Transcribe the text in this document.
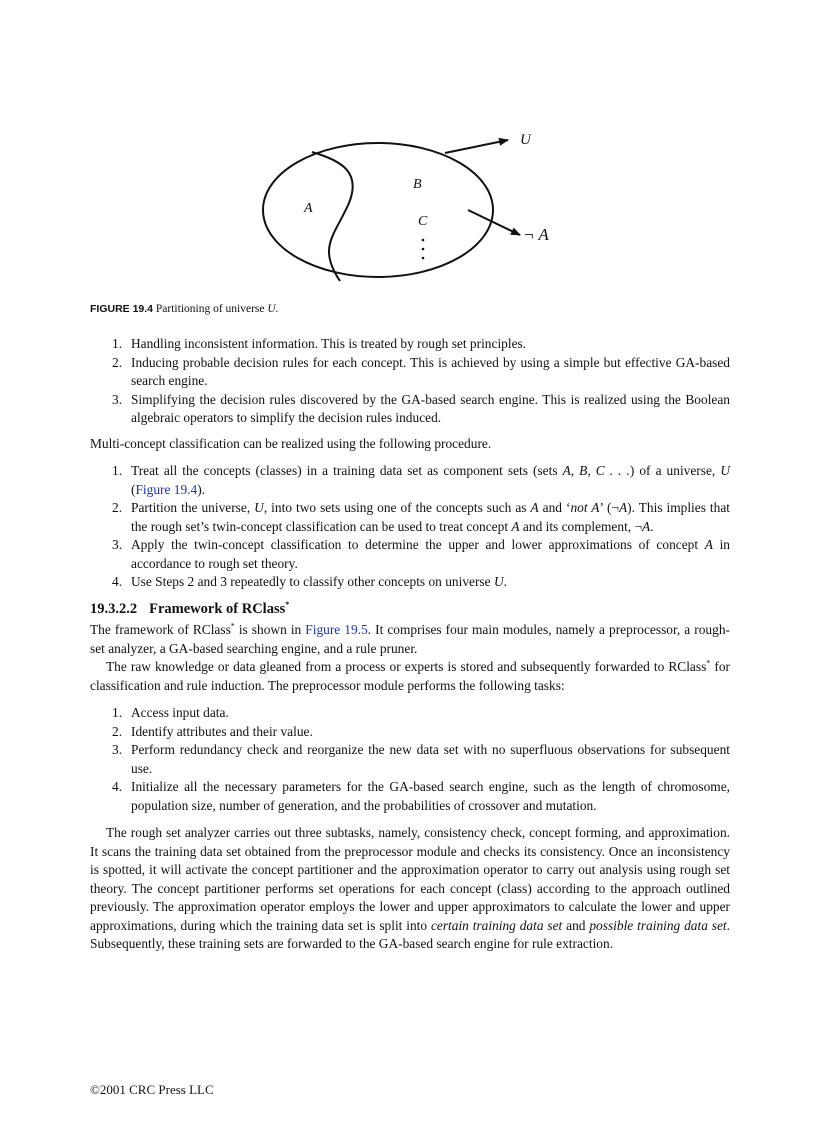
U
B
A
C
¬ A
FIGURE 19.4 Partitioning of universe U.
1. Handling inconsistent information. This is treated by rough set principles.
2. Inducing probable decision rules for each concept. This is achieved by using a simple but effective GA-based search engine.
3. Simplifying the decision rules discovered by the GA-based search engine. This is realized using the Boolean algebraic operators to simplify the decision rules induced.

Multi-concept classification can be realized using the following procedure.

1. Treat all the concepts (classes) in a training data set as component sets (sets A, B, C . . .) of a universe, U (Figure 19.4).
2. Partition the universe, U, into two sets using one of the concepts such as A and ‘not A’ (¬A). This implies that the rough set’s twin-concept classification can be used to treat concept A and its complement, ¬A.
3. Apply the twin-concept classification to determine the upper and lower approximations of concept A in accordance to rough set theory.
4. Use Steps 2 and 3 repeatedly to classify other concepts on universe U.
19.3.2.2 Framework of RClass*

The framework of RClass* is shown in Figure 19.5. It comprises four main modules, namely a preprocessor, a rough-set analyzer, a GA-based searching engine, and a rule pruner.

The raw knowledge or data gleaned from a process or experts is stored and subsequently forwarded to RClass* for classification and rule induction. The preprocessor module performs the following tasks:

1. Access input data.
2. Identify attributes and their value.
3. Perform redundancy check and reorganize the new data set with no superfluous observations for subsequent use.
4. Initialize all the necessary parameters for the GA-based search engine, such as the length of chromosome, population size, number of generation, and the probabilities of crossover and mutation.

The rough set analyzer carries out three subtasks, namely, consistency check, concept forming, and approximation. It scans the training data set obtained from the preprocessor module and checks its consistency. Once an inconsistency is spotted, it will activate the concept partitioner and the approximation operator to carry out analysis using rough set theory. The concept partitioner performs set operations for each concept (class) according to the approach outlined previously. The approximation operator employs the lower and upper approximators to calculate the lower and upper approximations, during which the training data set is split into certain training data set and possible training data set. Subsequently, these training sets are forwarded to the GA-based search engine for rule extraction.

©2001 CRC Press LLC
